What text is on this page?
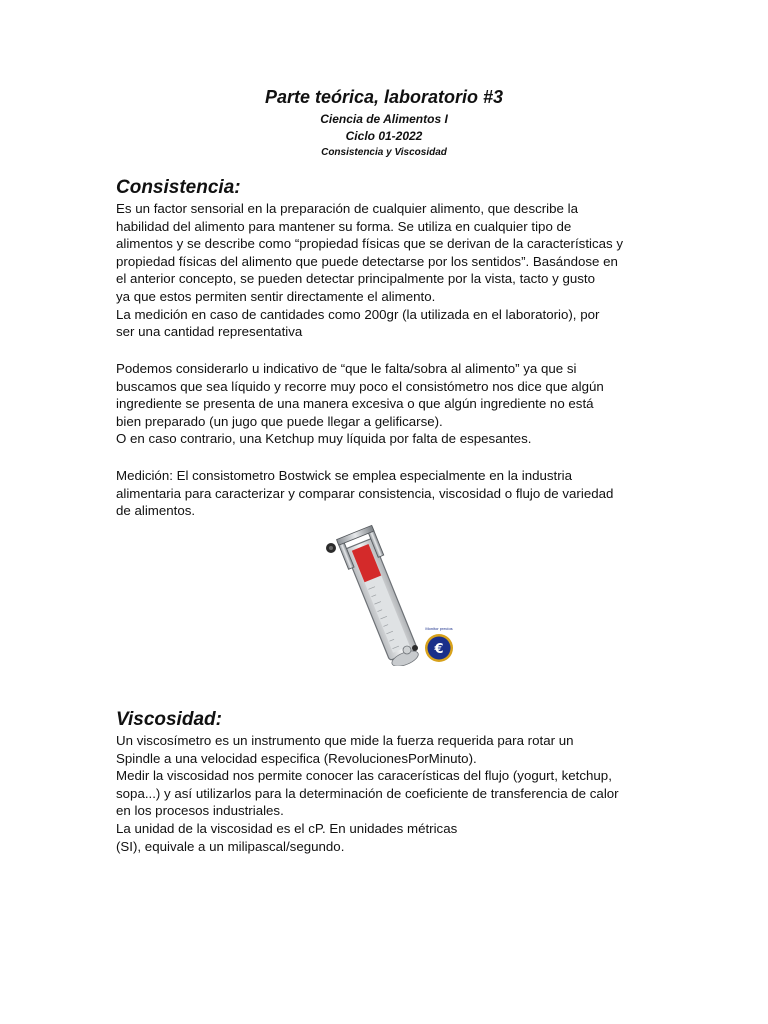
Parte teórica, laboratorio #3
Ciencia de Alimentos I
Ciclo 01-2022
Consistencia y Viscosidad
Consistencia:
Es un factor sensorial en la preparación de cualquier alimento, que describe la
habilidad del alimento para mantener su forma. Se utiliza en cualquier tipo de
alimentos y se describe como “propiedad físicas que se derivan de la características y
propiedad físicas del alimento que puede detectarse por los sentidos”. Basándose en
el anterior concepto, se pueden detectar principalmente por la vista, tacto y gusto
ya que estos permiten sentir directamente el alimento.
La medición en caso de cantidades como 200gr (la utilizada en el laboratorio), por
ser una cantidad representativa
Podemos considerarlo u indicativo de “que le falta/sobra al alimento” ya que si
buscamos que sea líquido y recorre muy poco el consistómetro nos dice que algún
ingrediente se presenta de una manera excesiva o que algún ingrediente no está
bien preparado (un jugo que puede llegar a gelificarse).
O en caso contrario, una Ketchup muy líquida por falta de espesantes.
Medición: El consistometro Bostwick se emplea especialmente en la industria
alimentaria para caracterizar y comparar consistencia, viscosidad o flujo de variedad
de alimentos.
Monitor precios
€
Viscosidad:
Un viscosímetro es un instrumento que mide la fuerza requerida para rotar un
Spindle a una velocidad especifica (RevolucionesPorMinuto).
Medir la viscosidad nos permite conocer las caracerísticas del flujo (yogurt, ketchup,
sopa...) y así utilizarlos para la determinación de coeficiente de transferencia de calor
en los procesos industriales.
La unidad de la viscosidad es el cP. En unidades métricas
(SI), equivale a un milipascal/segundo.
